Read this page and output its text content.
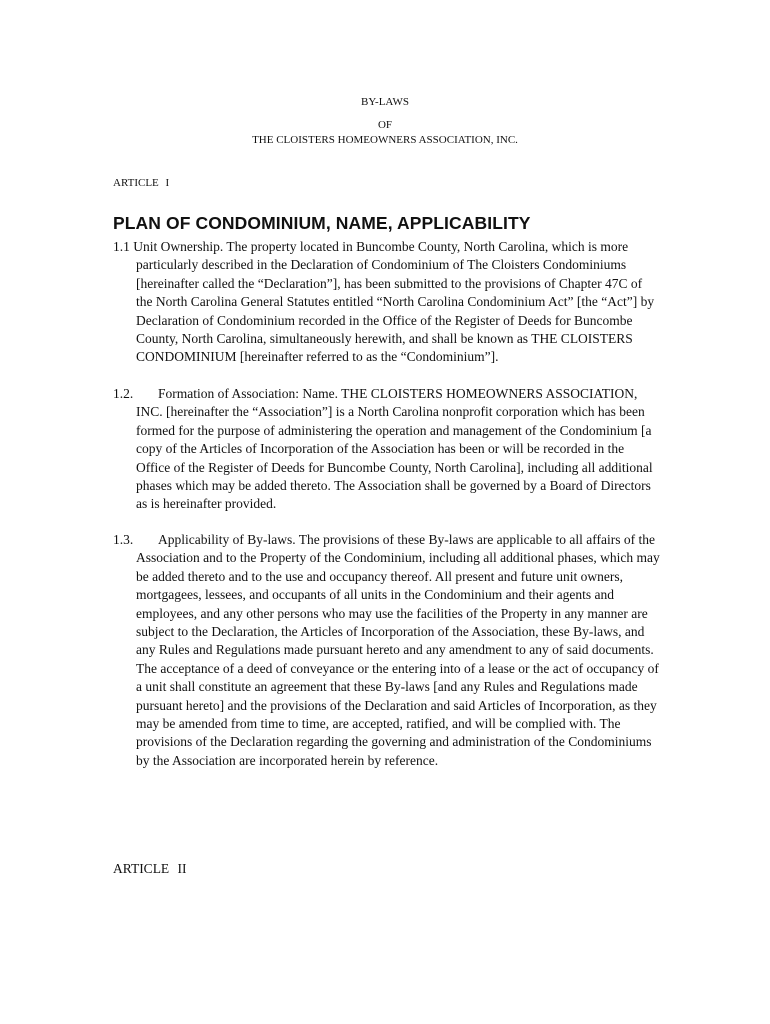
BY-LAWS
OF
THE CLOISTERS HOMEOWNERS ASSOCIATION, INC.
ARTICLE I
PLAN OF CONDOMINIUM, NAME, APPLICABILITY
1.1 Unit Ownership. The property located in Buncombe County, North Carolina, which is more particularly described in the Declaration of Condominium of The Cloisters Condominiums [hereinafter called the “Declaration”], has been submitted to the provisions of Chapter 47C of the North Carolina General Statutes entitled “North Carolina Condominium Act” [the “Act”] by Declaration of Condominium recorded in the Office of the Register of Deeds for Buncombe County, North Carolina, simultaneously herewith, and shall be known as THE CLOISTERS CONDOMINIUM [hereinafter referred to as the “Condominium”].
1.2.	Formation of Association: Name. THE CLOISTERS HOMEOWNERS ASSOCIATION, INC. [hereinafter the “Association”] is a North Carolina nonprofit corporation which has been formed for the purpose of administering the operation and management of the Condominium [a copy of the Articles of Incorporation of the Association has been or will be recorded in the Office of the Register of Deeds for Buncombe County, North Carolina], including all additional phases which may be added thereto. The Association shall be governed by a Board of Directors as is hereinafter provided.
1.3.	Applicability of By-laws. The provisions of these By-laws are applicable to all affairs of the Association and to the Property of the Condominium, including all additional phases, which may be added thereto and to the use and occupancy thereof. All present and future unit owners, mortgagees, lessees, and occupants of all units in the Condominium and their agents and employees, and any other persons who may use the facilities of the Property in any manner are subject to the Declaration, the Articles of Incorporation of the Association, these By-laws, and any Rules and Regulations made pursuant hereto and any amendment to any of said documents. The acceptance of a deed of conveyance or the entering into of a lease or the act of occupancy of a unit shall constitute an agreement that these By-laws [and any Rules and Regulations made pursuant hereto] and the provisions of the Declaration and said Articles of Incorporation, as they may be amended from time to time, are accepted, ratified, and will be complied with. The provisions of the Declaration regarding the governing and administration of the Condominiums by the Association are incorporated herein by reference.
ARTICLE II
